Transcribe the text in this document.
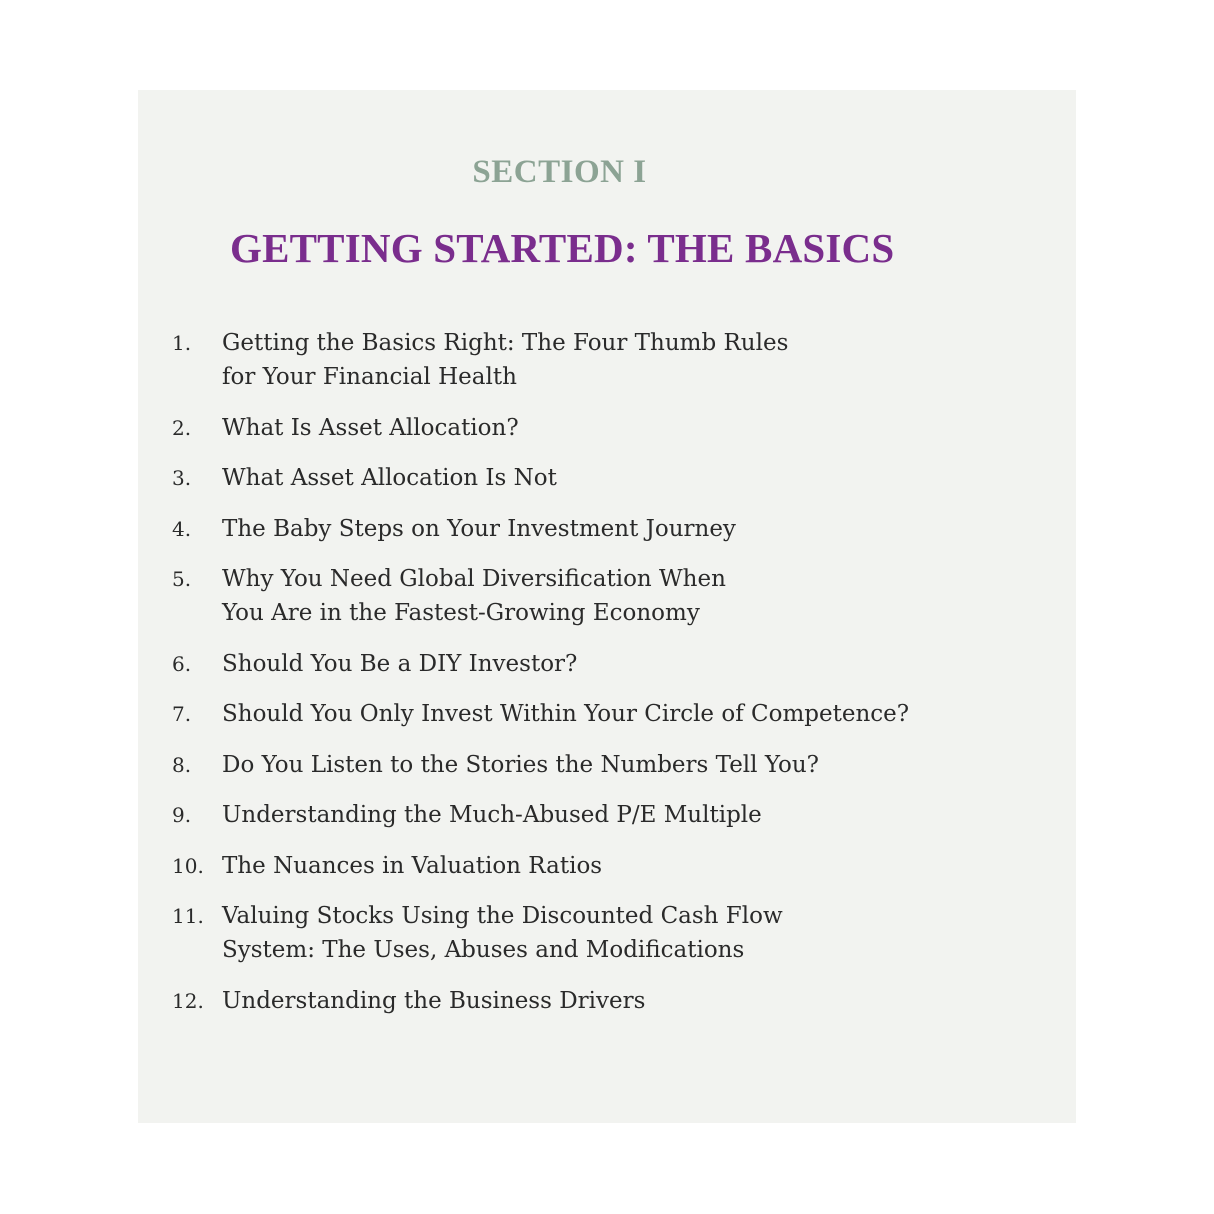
SECTION I
GETTING STARTED: THE BASICS
1.	Getting the Basics Right: The Four Thumb Rules
for Your Financial Health
2.	What Is Asset Allocation?
3.	What Asset Allocation Is Not
4.	The Baby Steps on Your Investment Journey
5.	Why You Need Global Diversification When
You Are in the Fastest-Growing Economy
6.	Should You Be a DIY Investor?
7.	Should You Only Invest Within Your Circle of Competence?
8.	Do You Listen to the Stories the Numbers Tell You?
9.	Understanding the Much-Abused P/E Multiple
10. The Nuances in Valuation Ratios
11. Valuing Stocks Using the Discounted Cash Flow
System: The Uses, Abuses and Modifications
12. Understanding the Business Drivers
